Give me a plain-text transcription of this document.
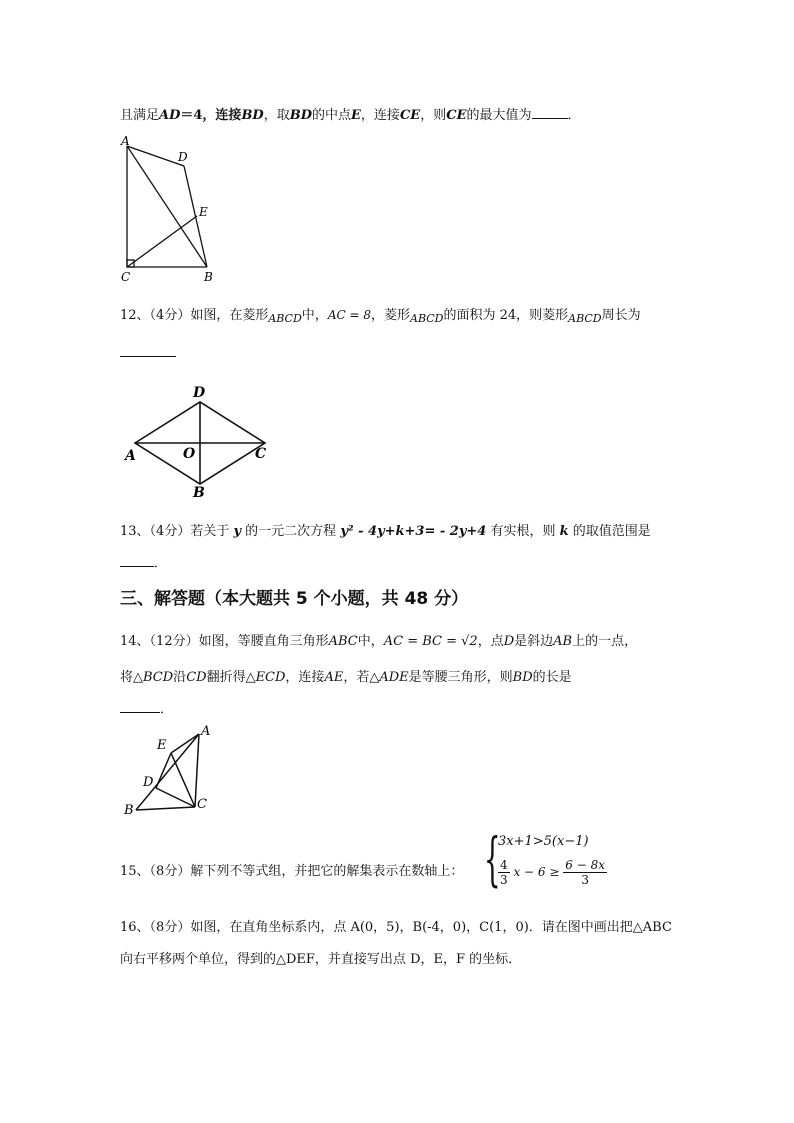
且满足AD＝4，连接BD，取BD的中点E，连接CE，则CE的最大值为	．
A
D
E
C	B
12、（4分）如图，在菱形$_{ABCD}$中，AC = 8，菱形$_{ABCD}$的面积为 24，则菱形$_{ABCD}$周长为
D
A	O	C
B
13、（4分）若关于 y 的一元二次方程 y² - 4y+k+3= - 2y+4 有实根，则 k 的取值范围是
．
三、解答题（本大题共 5 个小题，共 48 分）
14、（12分）如图，等腰直角三角形ABC中，AC = BC = √2，点D是斜边AB上的一点，
将△BCD沿CD翻折得△ECD，连接AE，若△ADE是等腰三角形，则BD的长是
．
E
A
D
B	C
15、（8分）解下列不等式组，并把它的解集表示在数轴上： {
3x+1>5(x−1)
$\frac{4}{3}$ $x - 6 \ge \frac{6 - 8x}{3}$
16、（8分）如图，在直角坐标系内，点 A(0，5)，B(-4，0)，C(1，0)．请在图中画出把△ABC
向右平移两个单位，得到的△DEF，并直接写出点 D，E，F 的坐标．
